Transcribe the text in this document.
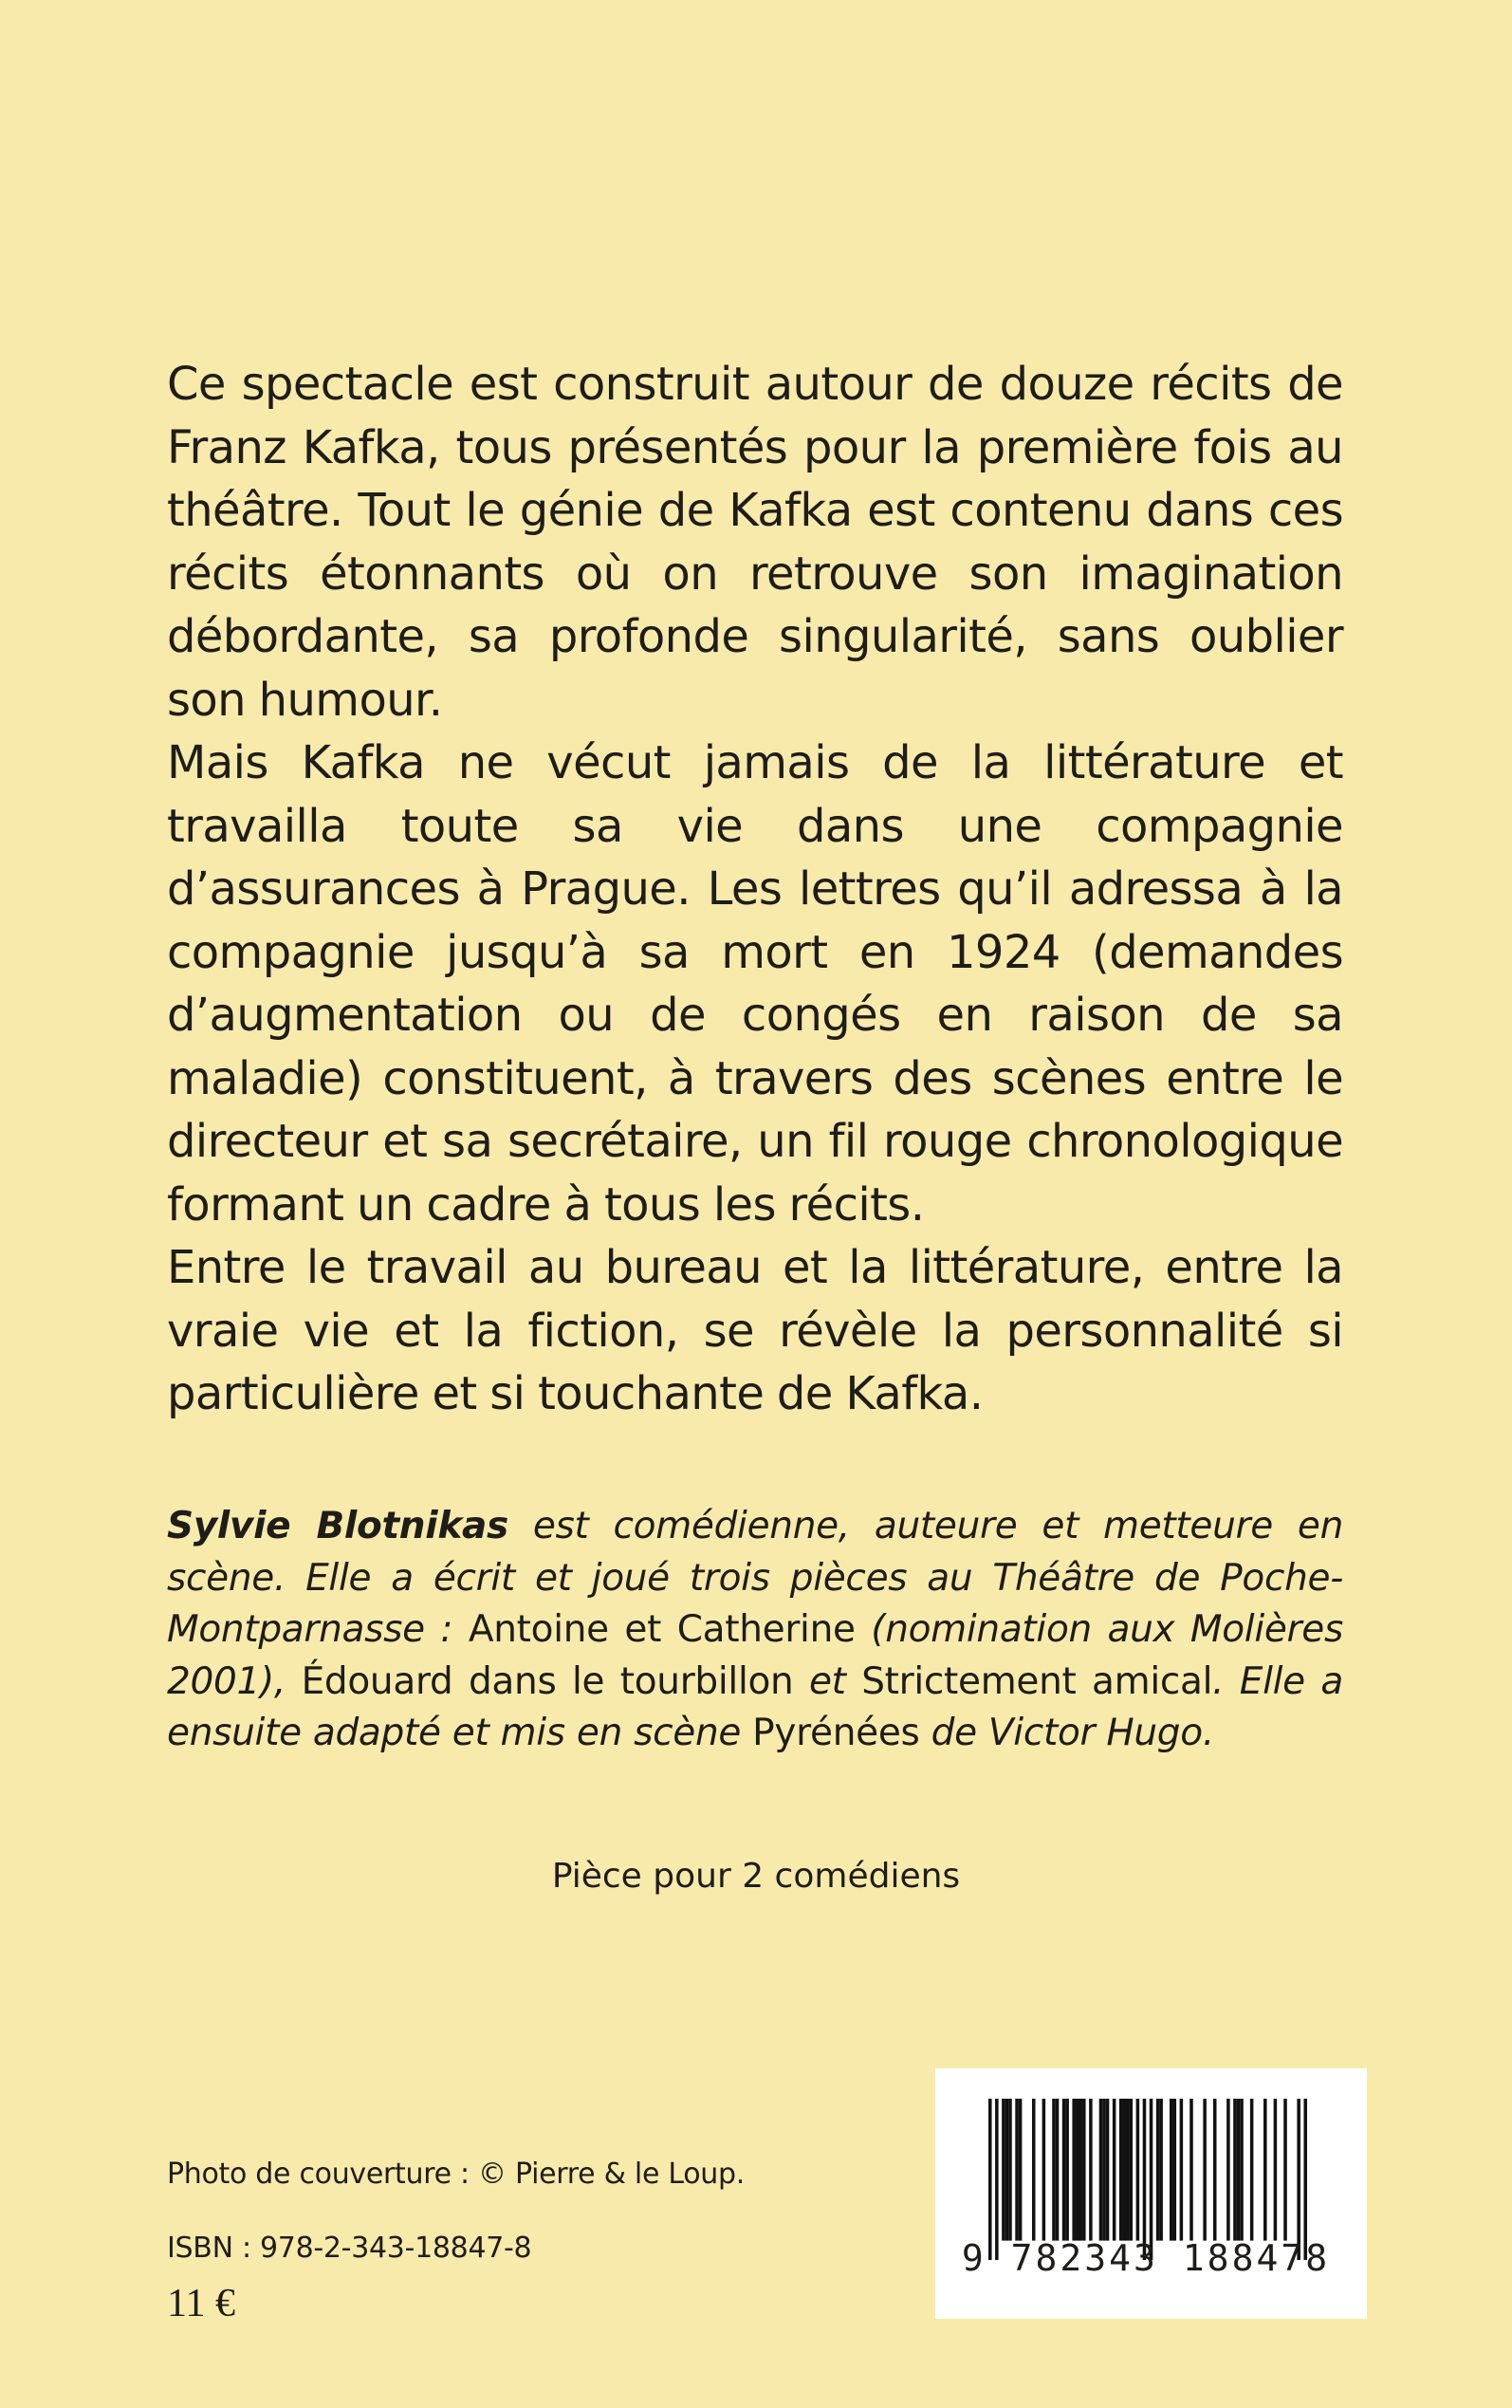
Ce spectacle est construit autour de douze récits de Franz Kafka, tous présentés pour la première fois au théâtre. Tout le génie de Kafka est contenu dans ces récits étonnants où on retrouve son imagination débordante, sa profonde singularité, sans oublier son humour.

Mais Kafka ne vécut jamais de la littérature et travailla toute sa vie dans une compagnie d’assurances à Prague. Les lettres qu’il adressa à la compagnie jusqu’à sa mort en 1924 (demandes d’augmentation ou de congés en raison de sa maladie) constituent, à travers des scènes entre le directeur et sa secrétaire, un fil rouge chronologique formant un cadre à tous les récits.

Entre le travail au bureau et la littérature, entre la vraie vie et la fiction, se révèle la personnalité si particulière et si touchante de Kafka.

Sylvie Blotnikas est comédienne, auteure et metteure en scène. Elle a écrit et joué trois pièces au Théâtre de Poche-Montparnasse : Antoine et Catherine (nomination aux Molières 2001), Édouard dans le tourbillon et Strictement amical. Elle a ensuite adapté et mis en scène Pyrénées de Victor Hugo.

Pièce pour 2 comédiens
Photo de couverture : © Pierre & le Loup.
ISBN : 978-2-343-18847-8
11 €
9 782343 188478
